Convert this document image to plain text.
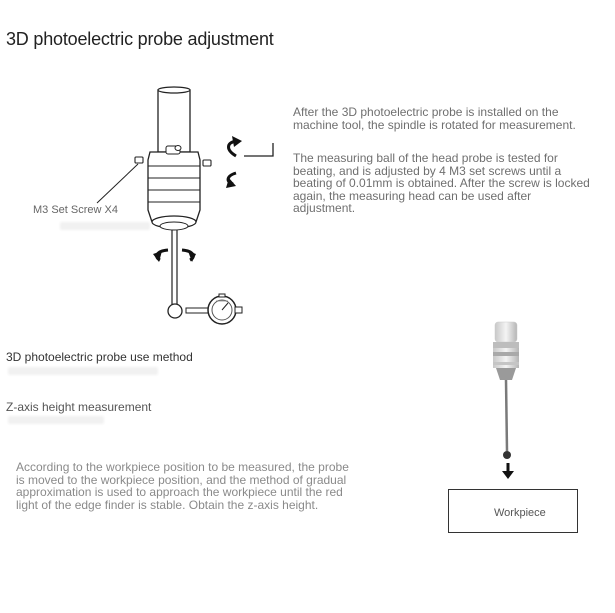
3D photoelectric probe adjustment
M3 Set Screw X4
After the 3D photoelectric probe is installed on the machine tool, the spindle is rotated for measurement.
The measuring ball of the head probe is tested for beating, and is adjusted by 4 M3 set screws until a beating of 0.01mm is obtained. After the screw is locked again, the measuring head can be used after adjustment.
3D photoelectric probe use method
Z-axis height measurement
According to the workpiece position to be measured, the probe is moved to the workpiece position, and the method of gradual approximation is used to approach the workpiece until the red light of the edge finder is stable. Obtain the z-axis height.
Workpiece
